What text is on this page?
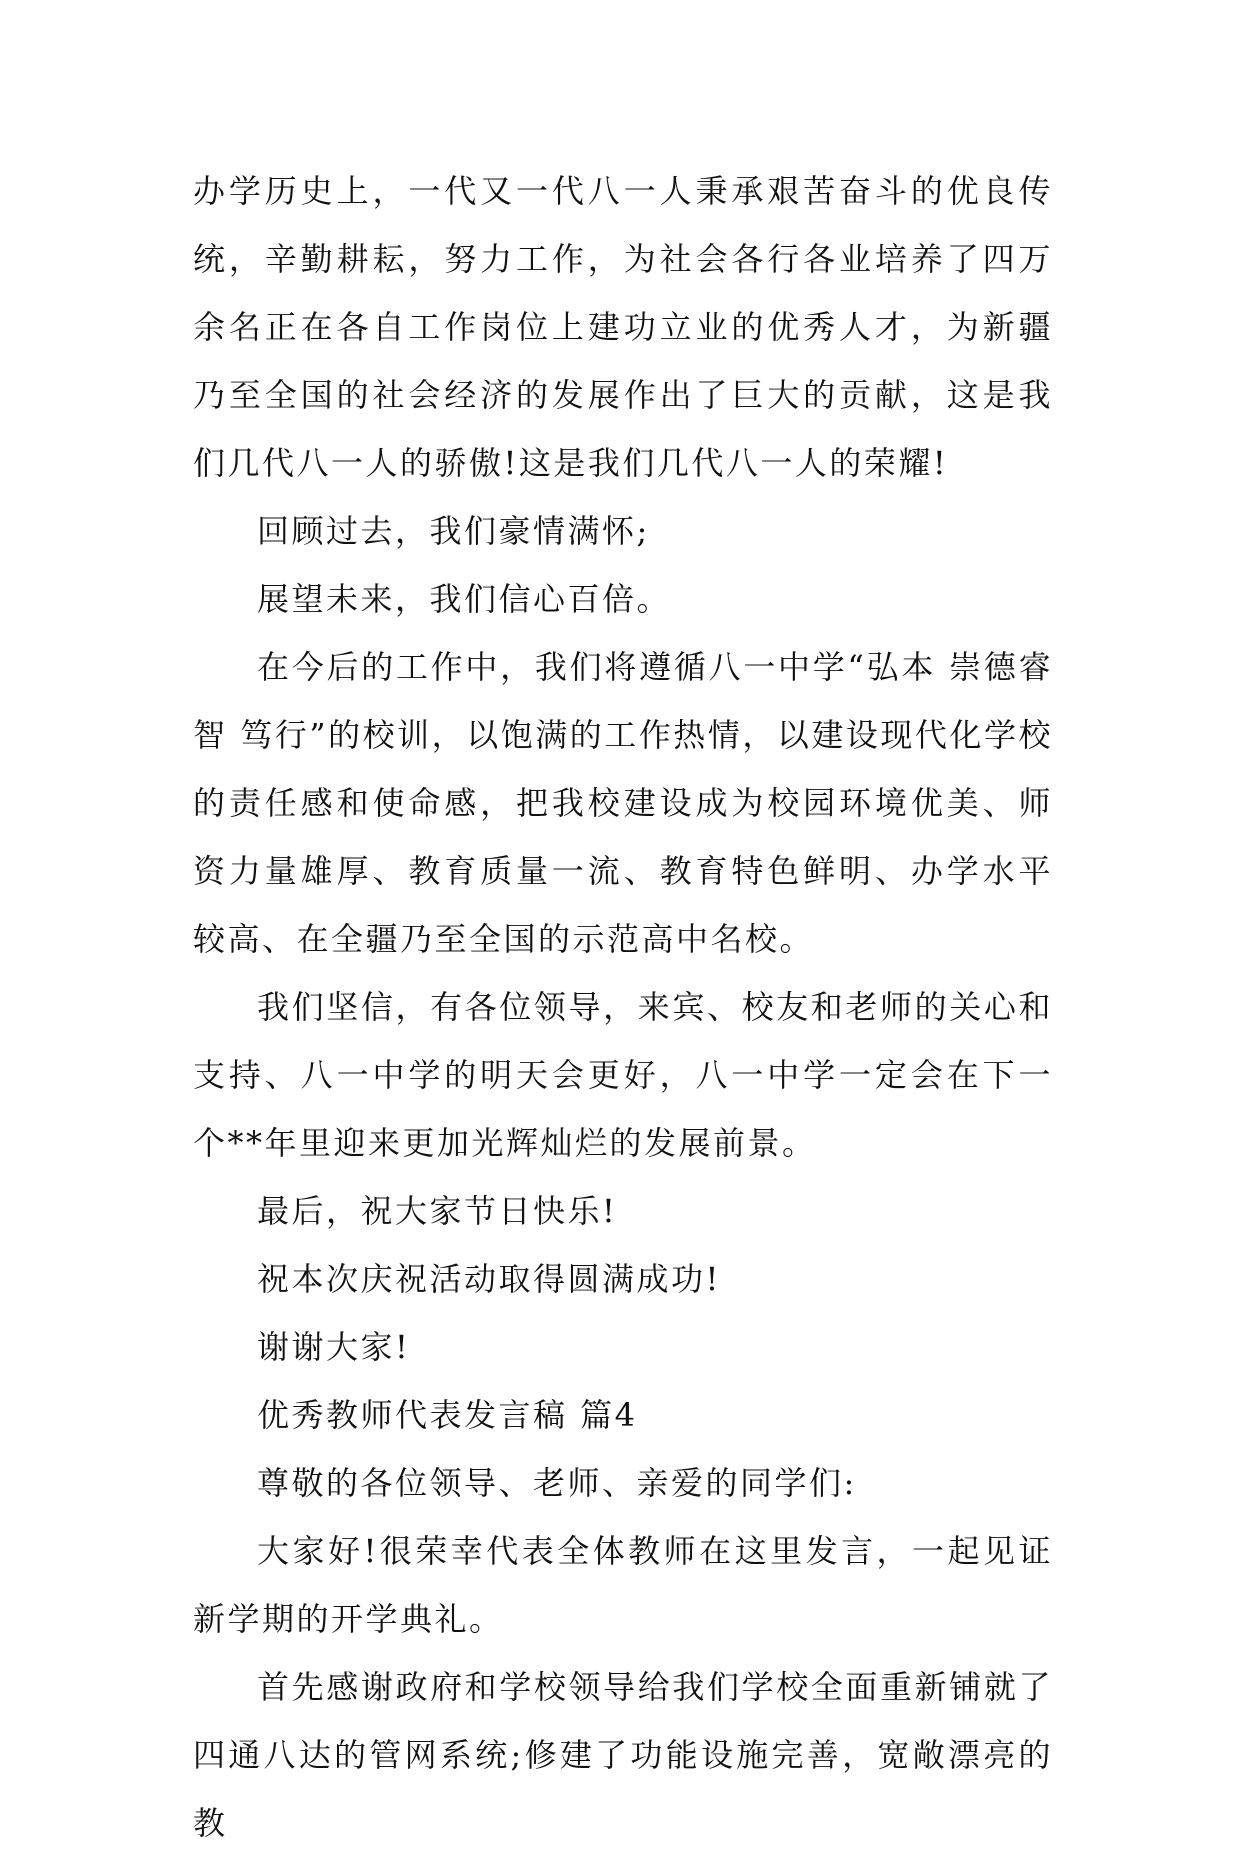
办学历史上，一代又一代八一人秉承艰苦奋斗的优良传统，辛勤耕耘，努力工作，为社会各行各业培养了四万余名正在各自工作岗位上建功立业的优秀人才，为新疆乃至全国的社会经济的发展作出了巨大的贡献，这是我们几代八一人的骄傲!这是我们几代八一人的荣耀!

回顾过去，我们豪情满怀;

展望未来，我们信心百倍。

在今后的工作中，我们将遵循八一中学“弘本 崇德睿智 笃行”的校训，以饱满的工作热情，以建设现代化学校的责任感和使命感，把我校建设成为校园环境优美、师资力量雄厚、教育质量一流、教育特色鲜明、办学水平较高、在全疆乃至全国的示范高中名校。

我们坚信，有各位领导，来宾、校友和老师的关心和支持、八一中学的明天会更好，八一中学一定会在下一个**年里迎来更加光辉灿烂的发展前景。

最后，祝大家节日快乐!

祝本次庆祝活动取得圆满成功!

谢谢大家!

优秀教师代表发言稿 篇4

尊敬的各位领导、老师、亲爱的同学们:

大家好!很荣幸代表全体教师在这里发言，一起见证新学期的开学典礼。

首先感谢政府和学校领导给我们学校全面重新铺就了四通八达的管网系统;修建了功能设施完善，宽敞漂亮的教
